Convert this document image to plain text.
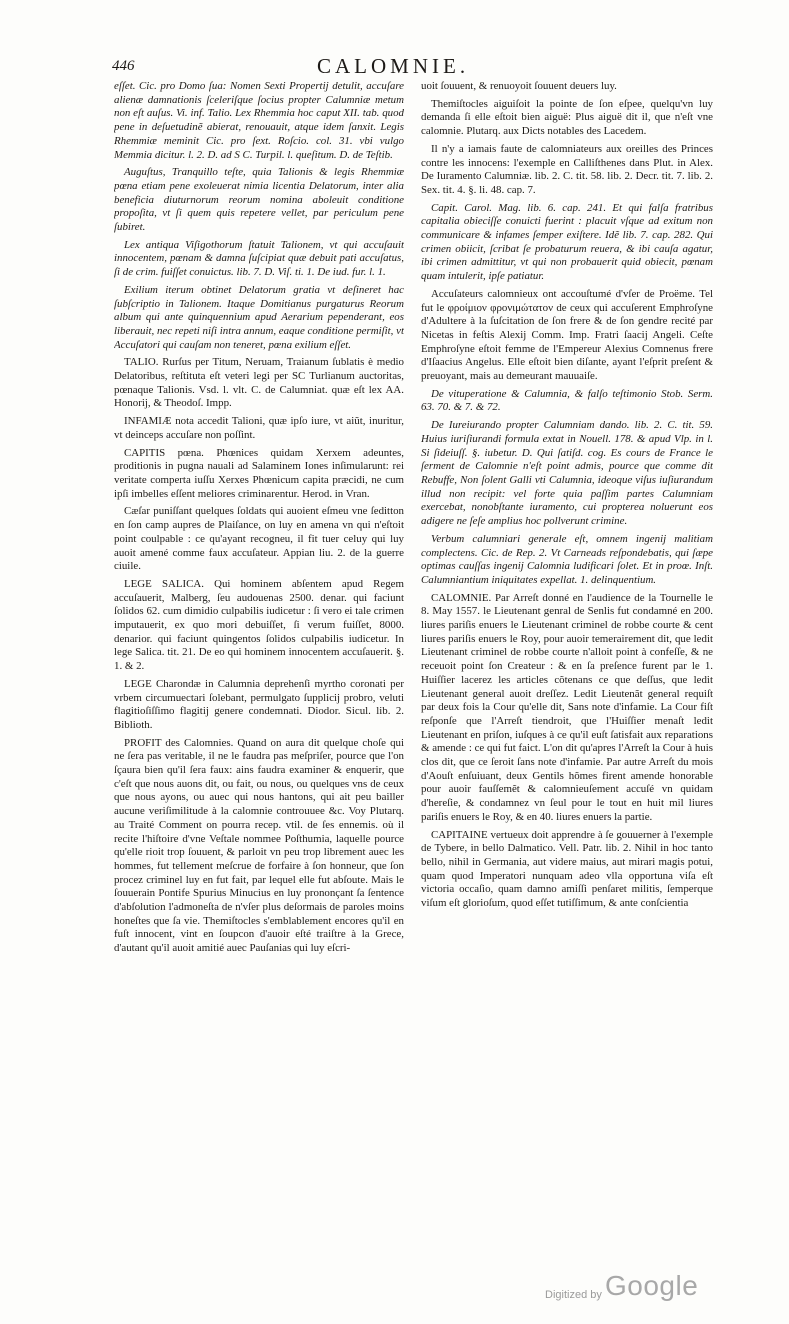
446	CALOMNIE.

eſſet. Cic. pro Domo ſua: Nomen Sexti Propertij detulit, accuſare alienæ damnationis ſceleriſque ſocius propter Calumniæ metum non eſt auſus. Vi. inf. Talio. Lex Rhemmia hoc caput XII. tab. quod pene in deſuetudinẽ abierat, renouauit, atque idem ſanxit. Legis Rhemmiæ meminit Cic. pro ſext. Roſcio. col. 31. vbi vulgo Memmia dicitur. l. 2. D. ad S C. Turpil. l. queſitum. D. de Teſtib.

Auguſtus, Tranquillo teſte, quia Talionis & legis Rhemmiæ pœna etiam pene exoleuerat nimia licentia Delatorum, inter alia beneficia diuturnorum reorum nomina aboleuit conditione propoſita, vt ſi quem quis repetere vellet, par periculum pene ſubiret.

Lex antiqua Viſigothorum ſtatuit Talionem, vt qui accuſauit innocentem, pœnam & damna ſuſcipiat quæ debuit pati accuſatus, ſi de crim. fuiſſet conuictus. lib. 7. D. Viſ. ti. 1. De iud. fur. l. 1.

Exilium iterum obtinet Delatorum gratia vt deſineret hac ſubſcriptio in Talionem. Itaque Domitianus purgaturus Reorum album qui ante quinquennium apud Aerarium pependerant, eos liberauit, nec repeti niſi intra annum, eaque conditione permiſit, vt Accuſatori qui cauſam non teneret, pœna exilium eſſet.

TALIO. Rurſus per Titum, Neruam, Traianum ſublatis è medio Delatoribus, reſtituta eſt veteri legi per SC Turlianum auctoritas, pœnaque Talionis. Vsd. l. vlt. C. de Calumniat. quæ eſt lex AA. Honorij, & Theodoſ. Impp.

INFAMIÆ nota accedit Talioni, quæ ipſo iure, vt aiũt, inuritur, vt deinceps accuſare non poſſint.

CAPITIS pœna. Phœnices quidam Xerxem adeuntes, proditionis in pugna nauali ad Salaminem Iones inſimularunt: rei veritate comperta iuſſu Xerxes Phœnicum capita præcidi, ne cum ipſi imbelles eſſent meliores criminarentur. Herod. in Vran.

Cæſar puniſſant quelques ſoldats qui auoient eſmeu vne ſeditton en ſon camp aupres de Plaiſance, on luy en amena vn qui n'eſtoit point coulpable : ce qu'ayant recogneu, il fit tuer celuy qui luy auoit amené comme faux accuſateur. Appian liu. 2. de la guerre ciuile.

LEGE SALICA. Qui hominem abſentem apud Regem accuſauerit, Malberg, ſeu audouenas 2500. denar. qui faciunt ſolidos 62. cum dimidio culpabilis iudicetur : ſi vero ei tale crimen imputauerit, ex quo mori debuiſſet, ſi verum fuiſſet, 8000. denarior. qui faciunt quingentos ſolidos culpabilis iudicetur. In lege Salica. tit. 21. De eo qui hominem innocentem accuſauerit. §. 1. & 2.

LEGE Charondæ in Calumnia deprehenſi myrtho coronati per vrbem circumuectari ſolebant, permulgato ſupplicij probro, veluti flagitioſiſſimo flagitij genere condemnati. Diodor. Sicul. lib. 2. Biblioth.

PROFIT des Calomnies. Quand on aura dit quelque choſe qui ne ſera pas veritable, il ne le faudra pas meſpriſer, pource que l'on ſçaura bien qu'il ſera faux: ains faudra examiner & enquerir, que c'eſt que nous auons dit, ou fait, ou nous, ou quelques vns de ceux que nous ayons, ou auec qui nous hantons, qui ait peu bailler aucune veriſimilitude à la calomnie controuuee &c. Voy Plutarq. au Traité Comment on pourra recep. vtil. de ſes ennemis. où il recite l'hiſtoire d'vne Veſtale nommee Poſthumia, laquelle pource qu'elle rioit trop ſouuent, & parloit vn peu trop librement auec les hommes, fut tellement meſcrue de forfaire à ſon honneur, que ſon procez criminel luy en fut fait, par lequel elle fut abſoute. Mais le ſouuerain Pontife Spurius Minucius en luy prononçant ſa ſentence d'abſolution l'admoneſta de n'vſer plus deſormais de paroles moins honeſtes que ſa vie. Themiſtocles s'emblablement encores qu'il en fuſt innocent, vint en ſoupcon d'auoir eſté traiſtre à la Grece, d'autant qu'il auoit amitié auec Pauſanias qui luy eſcri-

uoit ſouuent, & renuoyoit ſouuent deuers luy.

Themiſtocles aiguiſoit la pointe de ſon eſpee, quelqu'vn luy demanda ſi elle eſtoit bien aiguë: Plus aiguë dit il, que n'eſt vne calomnie. Plutarq. aux Dicts notables des Lacedem.

Il n'y a iamais faute de calomniateurs aux oreilles des Princes contre les innocens: l'exemple en Calliſthenes dans Plut. in Alex. De Iuramento Calumniæ. lib. 2. C. tit. 58. lib. 2. Decr. tit. 7. lib. 2. Sex. tit. 4. §. li. 48. cap. 7.

Capit. Carol. Mag. lib. 6. cap. 241. Et qui falſa fratribus capitalia obieciſſe conuicti fuerint : placuit vſque ad exitum non communicare & infames ſemper exiſtere. Idẽ lib. 7. cap. 282. Qui crimen obiicit, ſcribat ſe probaturum reuera, & ibi cauſa agatur, ibi crimen admittitur, vt qui non probauerit quid obiecit, pœnam quam intulerit, ipſe patiatur.

Accuſateurs calomnieux ont accouſtumé d'vſer de Proëme. Tel fut le φροίμιον φρονιμώτατον de ceux qui accuſerent Emphroſyne d'Adultere à la ſuſcitation de ſon frere & de ſon gendre recité par Nicetas in feſtis Alexij Comm. Imp. Fratri ſaacij Angeli. Ceſte Emphroſyne eſtoit femme de l'Empereur Alexius Comnenus frere d'Iſaacius Angelus. Elle eſtoit bien diſante, ayant l'eſprit preſent & preuoyant, mais au demeurant mauuaiſe.

De vituperatione & Calumnia, & falſo teſtimonio Stob. Serm. 63. 70. & 7. & 72.

De Iureiurando propter Calumniam dando. lib. 2. C. tit. 59. Huius iuriſiurandi formula extat in Nouell. 178. & apud Vlp. in l. Si ſideiuſſ. §. iubetur. D. Qui ſatiſd. cog. Es cours de France le ſerment de Calomnie n'eſt point admis, pource que comme dit Rebuffe, Non ſolent Galli vti Calumnia, ideoque viſus iuſiurandum illud non recipit: vel forte quia paſſim partes Calumniam exercebat, nonobſtante iuramento, cui propterea noluerunt eos adigere ne ſeſe amplius hoc pollverunt crimine.

Verbum calumniari generale eſt, omnem ingenij malitiam complectens. Cic. de Rep. 2. Vt Carneads reſpondebatis, qui ſæpe optimas cauſſas ingenij Calomnia ludificari ſolet. Et in proœ. Inſt. Calumniantium iniquitates expellat. 1. delinquentium.

CALOMNIE. Par Arreſt donné en l'audience de la Tournelle le 8. May 1557. le Lieutenant genral de Senlis fut condamné en 200. liures pariſis enuers le Lieutenant criminel de robbe courte & cent liures pariſis enuers le Roy, pour auoir temerairement dit, que ledit Lieutenant criminel de robbe courte n'alloit point à confeſſe, & ne receuoit point ſon Createur : & en ſa preſence furent par le 1. Huiſſier lacerez les articles cõtenans ce que deſſus, que ledit Lieutenant general auoit dreſſez. Ledit Lieutenãt general requiſt par deux fois la Cour qu'elle dit, Sans note d'infamie. La Cour fiſt reſponſe que l'Arreſt tiendroit, que l'Huiſſier menaſt ledit Lieutenant en priſon, iuſques à ce qu'il euſt ſatisfait aux reparations & amende : ce qui fut faict. L'on dit qu'apres l'Arreſt la Cour à huis clos dit, que ce ſeroit ſans note d'infamie. Par autre Arreſt du mois d'Aouſt enſuiuant, deux Gentils hõmes firent amende honorable pour auoir fauſſemẽt & calomnieuſement accuſé vn quidam d'hereſie, & condamnez vn ſeul pour le tout en huit mil liures pariſis enuers le Roy, & en 40. liures enuers la partie.

CAPITAINE vertueux doit apprendre à ſe gouuerner à l'exemple de Tybere, in bello Dalmatico. Vell. Patr. lib. 2. Nihil in hoc tanto bello, nihil in Germania, aut videre maius, aut mirari magis potui, quam quod Imperatori nunquam adeo vlla opportuna viſa eſt victoria occaſio, quam damno amiſſi penſaret militis, ſemperque viſum eſt glorioſum, quod eſſet tutiſſimum, & ante conſcientia

Digitized by Google
